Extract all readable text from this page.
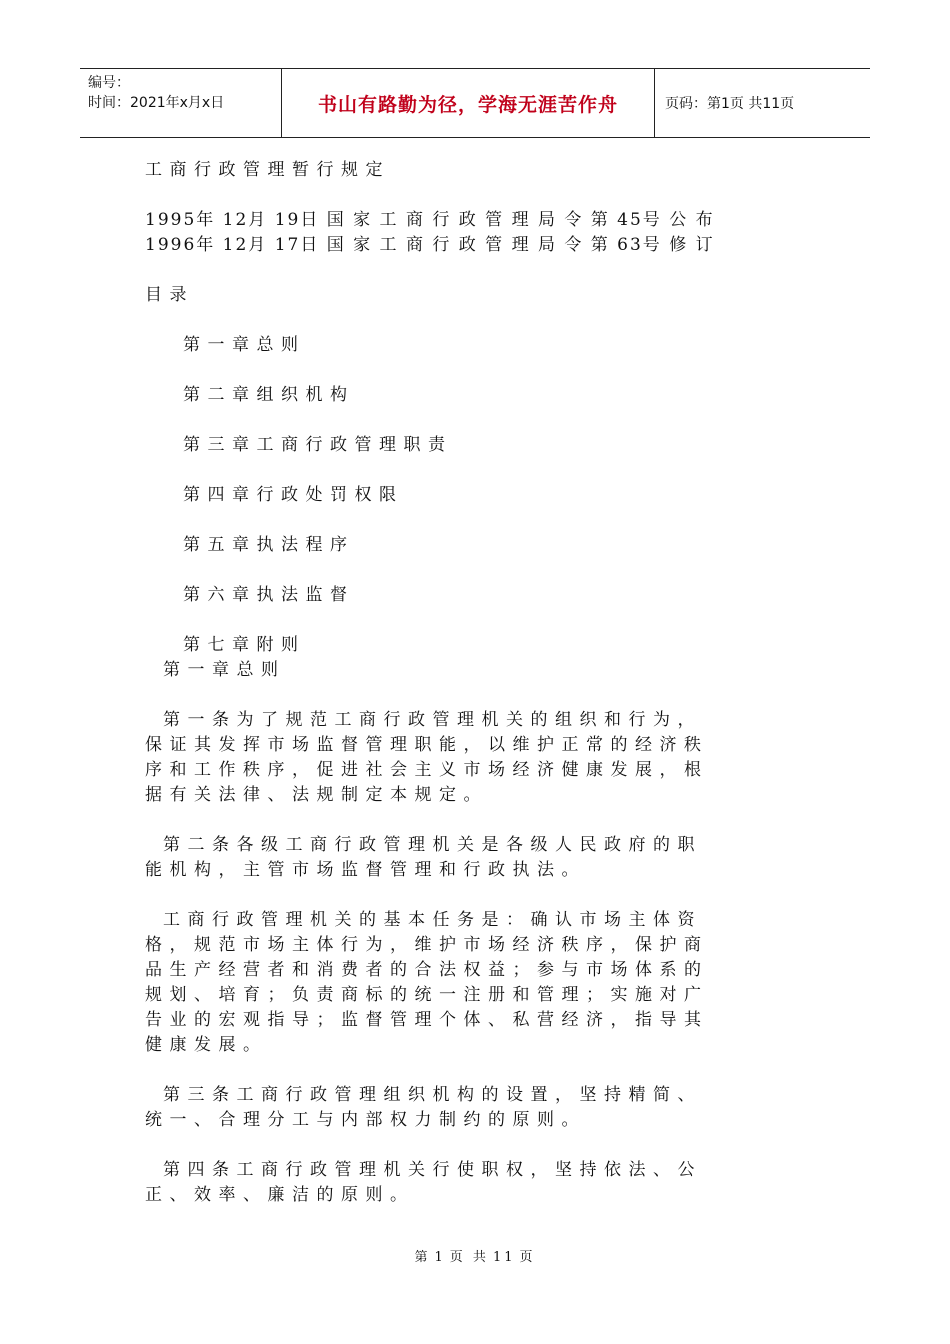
编号：
时间：2021年x月x日	书山有路勤为径，学海无涯苦作舟	页码：第1页 共11页
工商行政管理暂行规定
1995年 12月 19日 国 家 工 商 行 政 管 理 局 令 第 45号 公 布
1996年 12月 17日 国 家 工 商 行 政 管 理 局 令 第 63号 修 订
目录
第一章总则
第二章组织机构
第三章工商行政管理职责
第四章行政处罚权限
第五章执法程序
第六章执法监督
第七章附则
第一章总则
第一条为了规范工商行政管理机关的组织和行为，
保证其发挥市场监督管理职能，以维护正常的经济秩
序和工作秩序，促进社会主义市场经济健康发展，根
据有关法律、法规制定本规定。
第二条各级工商行政管理机关是各级人民政府的职
能机构，主管市场监督管理和行政执法。
工商行政管理机关的基本任务是：确认市场主体资
格，规范市场主体行为，维护市场经济秩序，保护商
品生产经营者和消费者的合法权益；参与市场体系的
规划、培育；负责商标的统一注册和管理；实施对广
告业的宏观指导；监督管理个体、私营经济，指导其
健康发展。
第三条工商行政管理组织机构的设置，坚持精简、
统一、合理分工与内部权力制约的原则。
第四条工商行政管理机关行使职权，坚持依法、公
正、效率、廉洁的原则。
第 1 页 共 11 页
